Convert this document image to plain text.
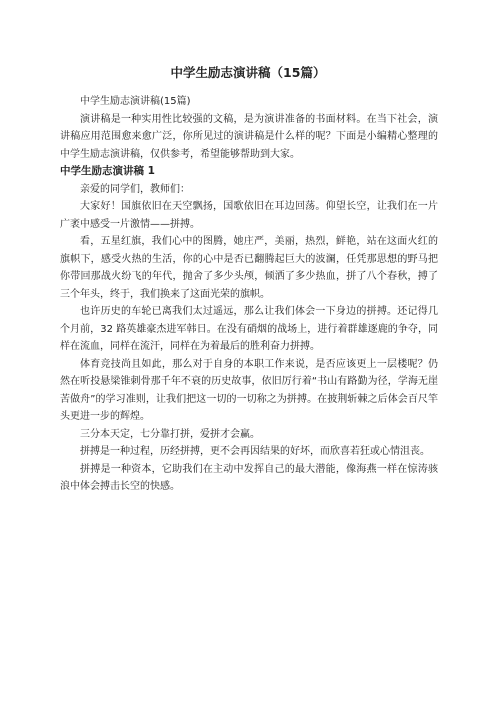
中学生励志演讲稿（15篇）

中学生励志演讲稿(15篇)

演讲稿是一种实用性比较强的文稿，是为演讲准备的书面材料。在当下社会，演讲稿应用范围愈来愈广泛，你所见过的演讲稿是什么样的呢？下面是小编精心整理的中学生励志演讲稿，仅供参考，希望能够帮助到大家。

中学生励志演讲稿 1

亲爱的同学们，教师们：

大家好！国旗依旧在天空飘扬，国歌依旧在耳边回荡。仰望长空，让我们在一片广袤中感受一片激情——拼搏。

看，五星红旗，我们心中的图腾，她庄严，美丽，热烈，鲜艳，站在这面火红的旗帜下，感受火热的生活，你的心中是否已翻腾起巨大的波澜，任凭那思想的野马把你带回那战火纷飞的年代，抛舍了多少头颅，倾洒了多少热血，拼了八个春秋，搏了三个年头，终于，我们换来了这面光荣的旗帜。

也许历史的车轮已离我们太过遥远，那么让我们体会一下身边的拼搏。还记得几个月前，32 路英雄豪杰进军韩日。在没有硝烟的战场上，进行着群雄逐鹿的争夺，同样在流血，同样在流汗，同样在为着最后的胜利奋力拼搏。

体育竞技尚且如此，那么对于自身的本职工作来说，是否应该更上一层楼呢？仍然在听投悬梁锥刺骨那千年不衰的历史故事，依旧厉行着“书山有路勤为径，学海无崖苦做舟”的学习准则，让我们把这一切的一切称之为拼搏。在披荆斩棘之后体会百尺竿头更进一步的辉煌。

三分本天定，七分靠打拼，爱拼才会赢。

拼搏是一种过程，历经拼搏，更不会再因结果的好坏，而欣喜若狂或心情沮丧。

拼搏是一种资本，它助我们在主动中发挥自己的最大潜能，像海燕一样在惊涛骇浪中体会搏击长空的快感。
